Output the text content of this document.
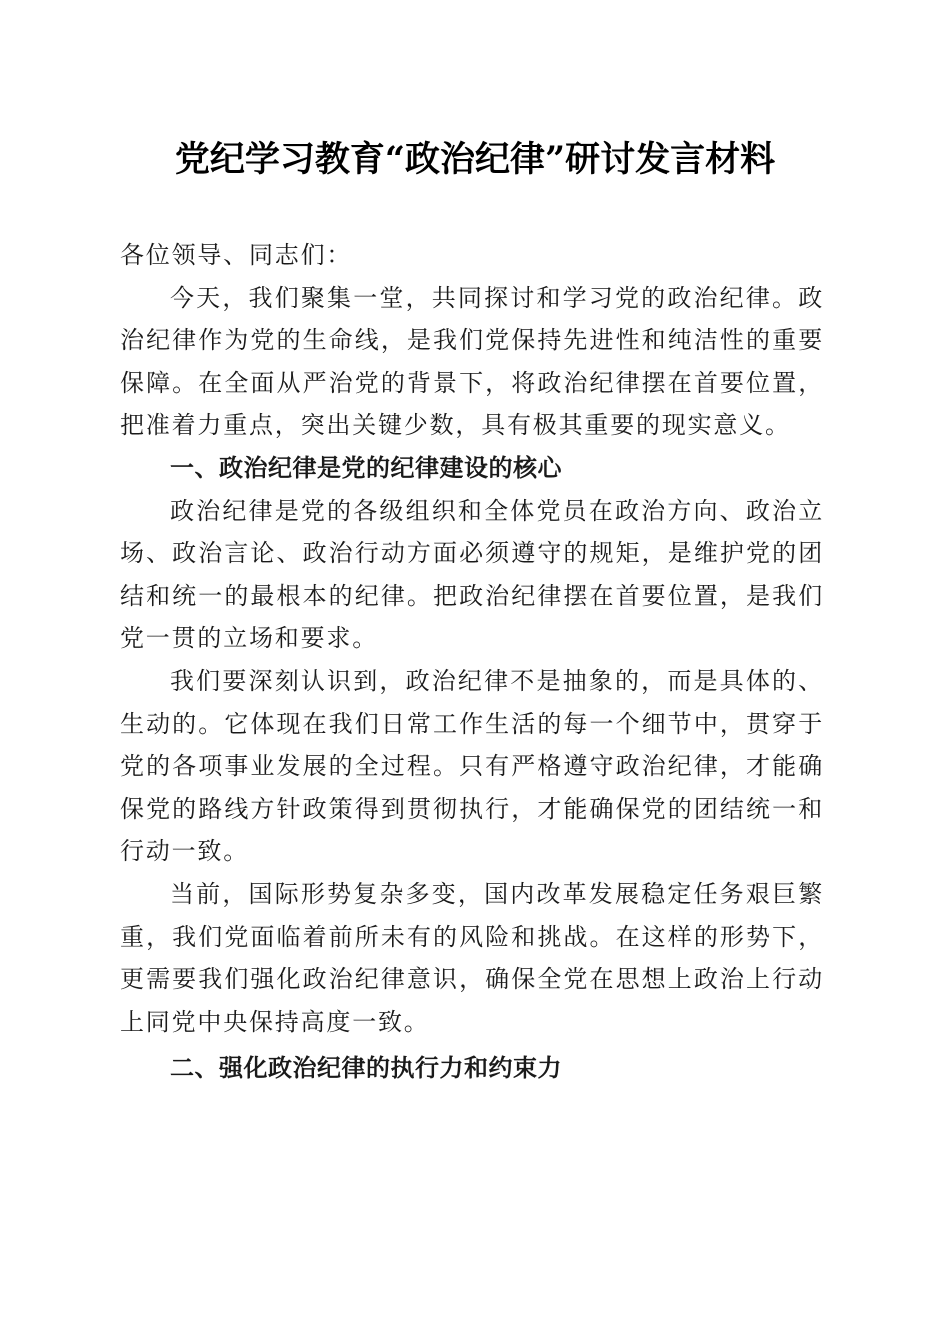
党纪学习教育“政治纪律”研讨发言材料

各位领导、同志们：

今天，我们聚集一堂，共同探讨和学习党的政治纪律。政治纪律作为党的生命线，是我们党保持先进性和纯洁性的重要保障。在全面从严治党的背景下，将政治纪律摆在首要位置，把准着力重点，突出关键少数，具有极其重要的现实意义。

一、政治纪律是党的纪律建设的核心

政治纪律是党的各级组织和全体党员在政治方向、政治立场、政治言论、政治行动方面必须遵守的规矩，是维护党的团结和统一的最根本的纪律。把政治纪律摆在首要位置，是我们党一贯的立场和要求。

我们要深刻认识到，政治纪律不是抽象的，而是具体的、生动的。它体现在我们日常工作生活的每一个细节中，贯穿于党的各项事业发展的全过程。只有严格遵守政治纪律，才能确保党的路线方针政策得到贯彻执行，才能确保党的团结统一和行动一致。

当前，国际形势复杂多变，国内改革发展稳定任务艰巨繁重，我们党面临着前所未有的风险和挑战。在这样的形势下，更需要我们强化政治纪律意识，确保全党在思想上政治上行动上同党中央保持高度一致。

二、强化政治纪律的执行力和约束力
